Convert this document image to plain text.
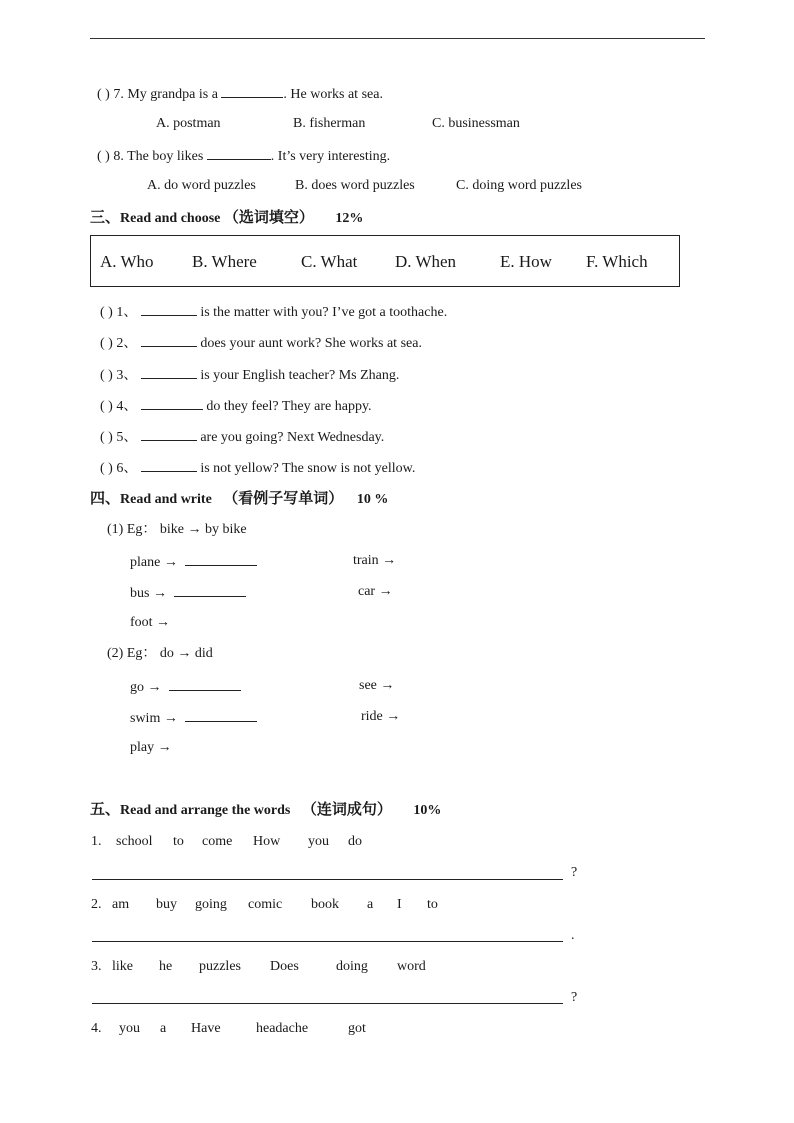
( ) 7. My grandpa is a	. He works at sea.
A. postman	B. fisherman	C. businessman
( ) 8. The boy likes	. It’s very interesting.
A. do word puzzles	B. does word puzzles	C. doing word puzzles
三、Read and choose （选词填空） 12%
A. Who B. Where	C. What D. When	E. How F. Which
( ) 1、	is the matter with you? I’ve got a toothache.
( ) 2、	does your aunt work? She works at sea.
( ) 3、	is your English teacher? Ms Zhang.
( ) 4、	do they feel? They are happy.
( ) 5、	are you going? Next Wednesday.
( ) 6、	is not yellow? The snow is not yellow.
四、Read and write （看例子写单词） 10 %
(1) Eg： bike → by bike
plane →	train →
bus →	car →
foot →
(2) Eg： do → did
go →	see →
swim →	ride →
play →
五、Read and arrange the words （连词成句） 10%
1. school to come How you do
?
2. am buy going comic book a I to
.
3. like he puzzles Does	doing word
?
4. you a Have	headache	got
